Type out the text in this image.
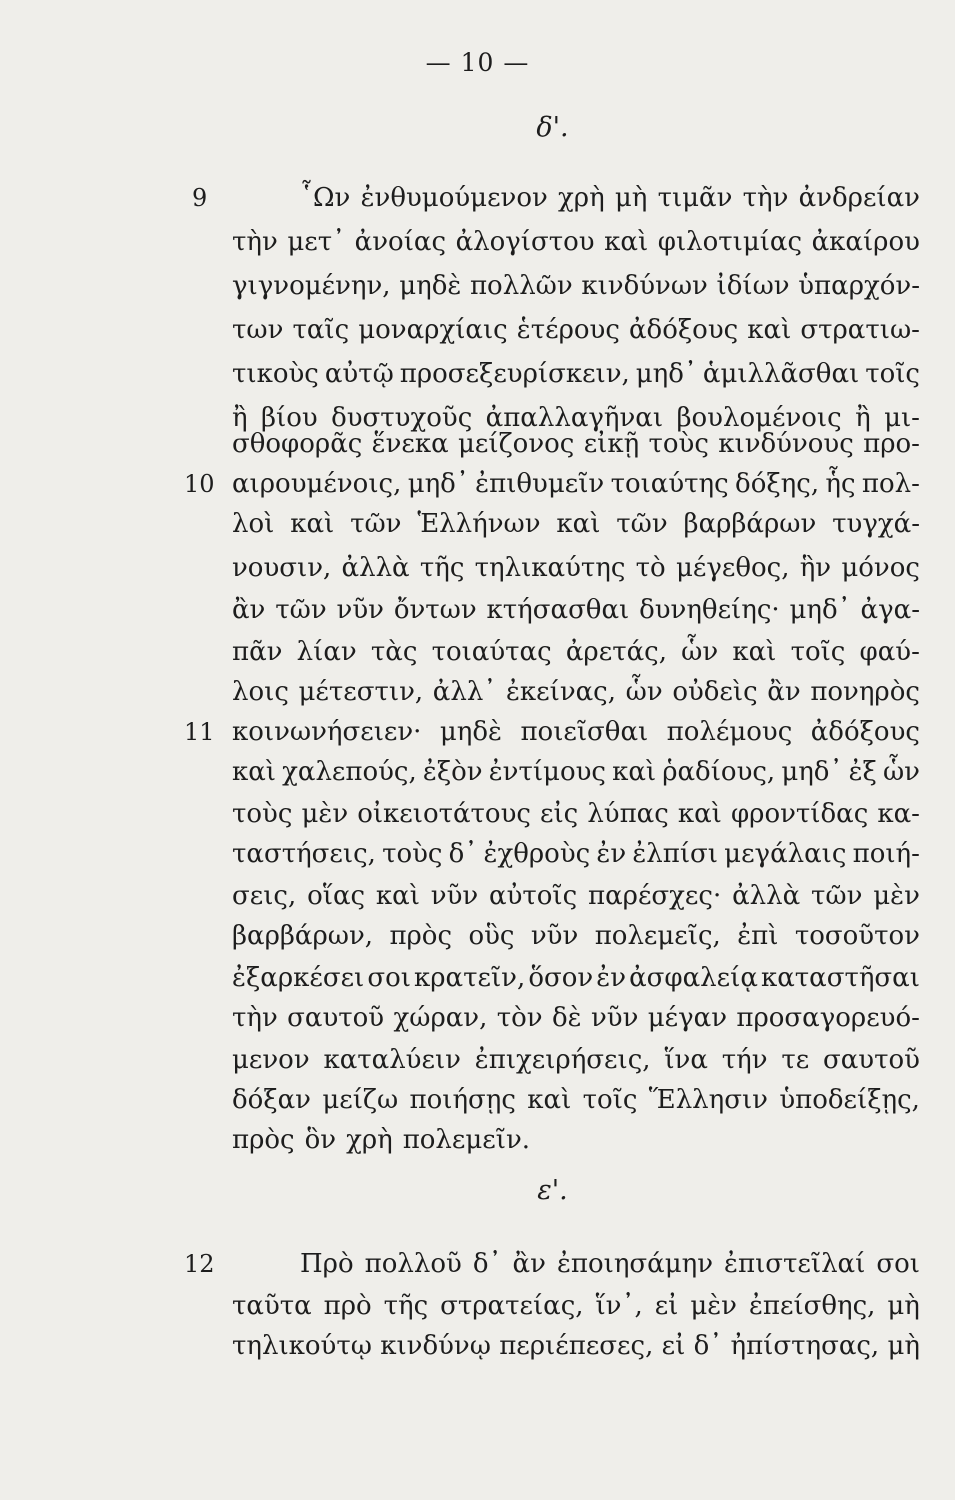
— 10 —
δ'.
9	῟Ων ἐνθυμούμενον χρὴ μὴ τιμᾶν τὴν ἀνδρείαν
τὴν μετ᾽ ἀνοίας ἀλογίστου καὶ φιλοτιμίας ἀκαίρου
γιγνομένην, μηδὲ πολλῶν κινδύνων ἰδίων ὑπαρχόν-
των ταῖς μοναρχίαις ἑτέρους ἀδόξους καὶ στρατιω-
τικοὺς αὐτῷ προσεξευρίσκειν, μηδ᾽ ἁμιλλᾶσθαι τοῖς
ἢ βίου δυστυχοῦς ἀπαλλαγῆναι βουλομένοις ἢ μι-
σθοφορᾶς ἕνεκα μείζονος εἰκῇ τοὺς κινδύνους προ-
10 αιρουμένοις, μηδ᾽ ἐπιθυμεῖν τοιαύτης δόξης, ἧς πολ-
λοὶ καὶ τῶν Ἑλλήνων καὶ τῶν βαρβάρων τυγχά-
νουσιν, ἀλλὰ τῆς τηλικαύτης τὸ μέγεθος, ἣν μόνος
ἂν τῶν νῦν ὄντων κτήσασθαι δυνηθείης· μηδ᾽ ἀγα-
πᾶν λίαν τὰς τοιαύτας ἀρετάς, ὧν καὶ τοῖς φαύ-
λοις μέτεστιν, ἀλλ᾽ ἐκείνας, ὧν οὐδεὶς ἂν πονηρὸς
11 κοινωνήσειεν· μηδὲ ποιεῖσθαι πολέμους ἀδόξους
καὶ χαλεπούς, ἐξὸν ἐντίμους καὶ ῥαδίους, μηδ᾽ ἐξ ὧν
τοὺς μὲν οἰκειοτάτους εἰς λύπας καὶ φροντίδας κα-
ταστήσεις, τοὺς δ᾽ ἐχθροὺς ἐν ἐλπίσι μεγάλαις ποιή-
σεις, οἵας καὶ νῦν αὐτοῖς παρέσχες· ἀλλὰ τῶν μὲν
βαρβάρων, πρὸς οὓς νῦν πολεμεῖς, ἐπὶ τοσοῦτον
ἐξαρκέσει σοι κρατεῖν, ὅσον ἐν ἀσφαλείᾳ καταστῆσαι
τὴν σαυτοῦ χώραν, τὸν δὲ νῦν μέγαν προσαγορευό-
μενον καταλύειν ἐπιχειρήσεις, ἵνα τήν τε σαυτοῦ
δόξαν μείζω ποιήσῃς καὶ τοῖς Ἕλλησιν ὑποδείξῃς,
πρὸς ὃν χρὴ πολεμεῖν.
ε'.
12	Πρὸ πολλοῦ δ᾽ ἂν ἐποιησάμην ἐπιστεῖλαί σοι
ταῦτα πρὸ τῆς στρατείας, ἵν᾽, εἰ μὲν ἐπείσθης, μὴ
τηλικούτῳ κινδύνῳ περιέπεσες, εἰ δ᾽ ἠπίστησας, μὴ
